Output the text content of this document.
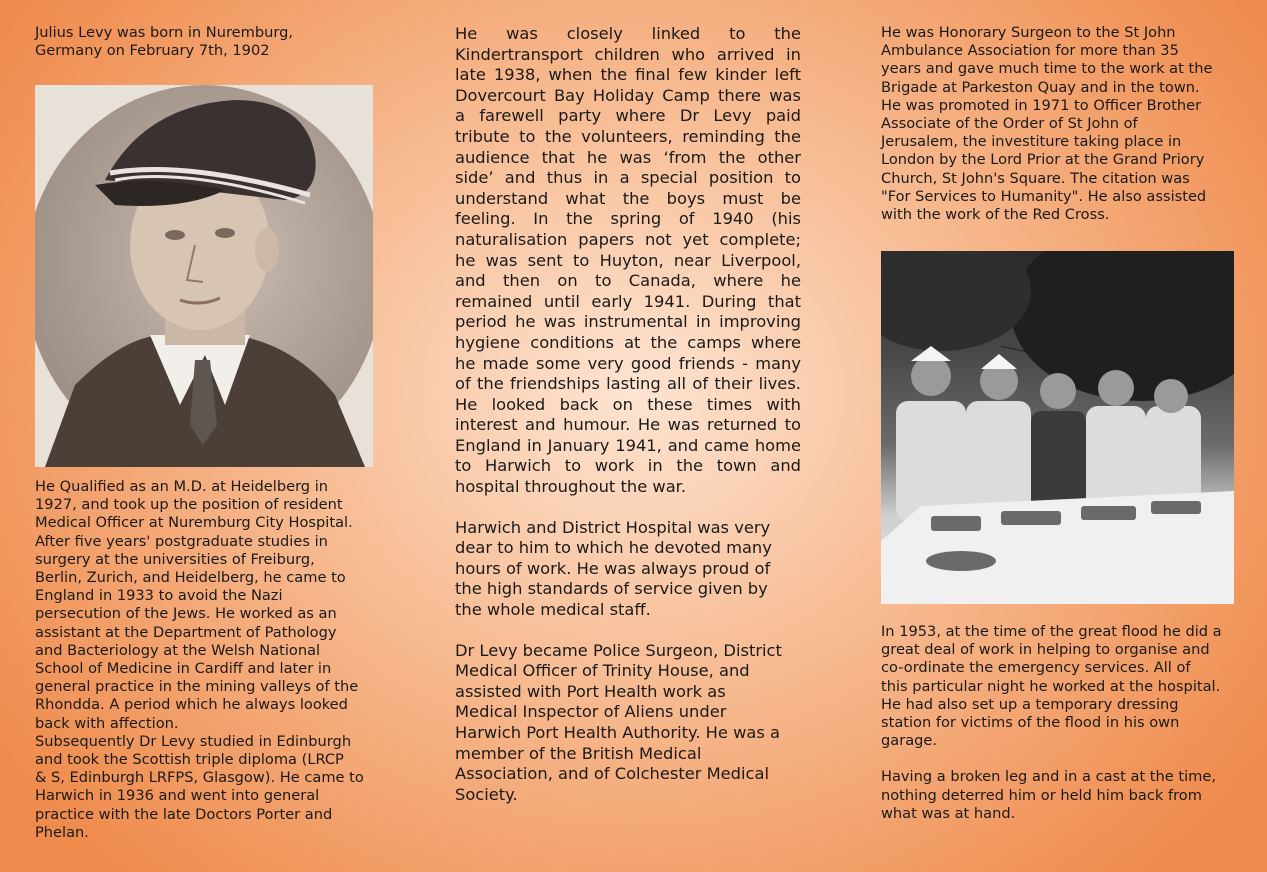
Julius Levy was born in Nuremburg,
Germany on February 7th, 1902

He Qualified as an M.D. at Heidelberg in
1927, and took up the position of resident
Medical Officer at Nuremburg City Hospital.
After five years' postgraduate studies in
surgery at the universities of Freiburg,
Berlin, Zurich, and Heidelberg, he came to
England in 1933 to avoid the Nazi
persecution of the Jews. He worked as an
assistant at the Department of Pathology
and Bacteriology at the Welsh National
School of Medicine in Cardiff and later in
general practice in the mining valleys of the
Rhondda. A period which he always looked
back with affection.
Subsequently Dr Levy studied in Edinburgh
and took the Scottish triple diploma (LRCP
& S, Edinburgh LRFPS, Glasgow). He came to
Harwich in 1936 and went into general
practice with the late Doctors Porter and
Phelan.

He was closely linked to the Kindertransport children who arrived in late 1938, when the final few kinder left Dovercourt Bay Holiday Camp there was a farewell party where Dr Levy paid tribute to the volunteers, reminding the audience that he was ‘from the other side’ and thus in a special position to understand what the boys must be feeling. In the spring of 1940 (his naturalisation papers not yet complete; he was sent to Huyton, near Liverpool, and then on to Canada, where he remained until early 1941. During that period he was instrumental in improving hygiene conditions at the camps where he made some very good friends - many of the friendships lasting all of their lives. He looked back on these times with interest and humour. He was returned to England in January 1941, and came home to Harwich to work in the town and hospital throughout the war.

Harwich and District Hospital was very
dear to him to which he devoted many
hours of work. He was always proud of
the high standards of service given by
the whole medical staff.

Dr Levy became Police Surgeon, District
Medical Officer of Trinity House, and
assisted with Port Health work as
Medical Inspector of Aliens under
Harwich Port Health Authority. He was a
member of the British Medical
Association, and of Colchester Medical
Society.

He was Honorary Surgeon to the St John
Ambulance Association for more than 35
years and gave much time to the work at the
Brigade at Parkeston Quay and in the town.
He was promoted in 1971 to Officer Brother
Associate of the Order of St John of
Jerusalem, the investiture taking place in
London by the Lord Prior at the Grand Priory
Church, St John's Square. The citation was
"For Services to Humanity". He also assisted
with the work of the Red Cross.

In 1953, at the time of the great flood he did a
great deal of work in helping to organise and
co-ordinate the emergency services. All of
this particular night he worked at the hospital.
He had also set up a temporary dressing
station for victims of the flood in his own
garage.

Having a broken leg and in a cast at the time,
nothing deterred him or held him back from
what was at hand.
